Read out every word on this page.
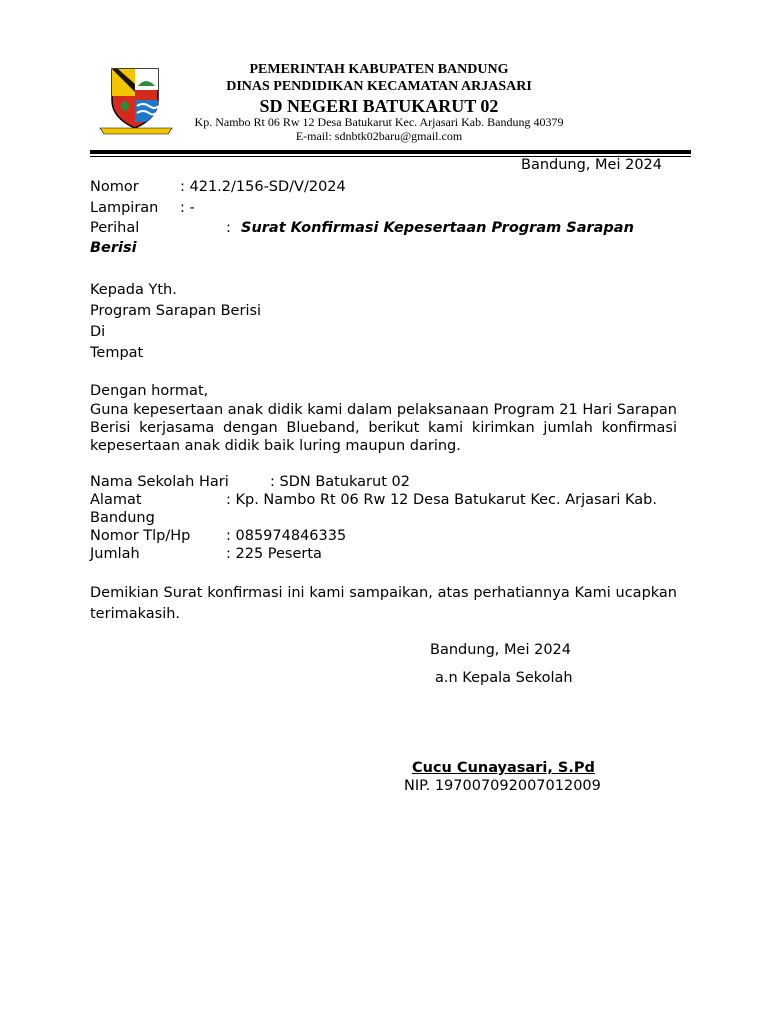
PEMERINTAH KABUPATEN BANDUNG
DINAS PENDIDIKAN KECAMATAN ARJASARI
SD NEGERI BATUKARUT 02
Kp. Nambo Rt 06 Rw 12 Desa Batukarut Kec. Arjasari Kab. Bandung 40379
E-mail: sdnbtk02baru@gmail.com
Bandung, Mei 2024
Nomor	: 421.2/156-SD/V/2024
Lampiran : -
Perihal	: Surat Konfirmasi Kepesertaan Program Sarapan
Berisi
Kepada Yth.
Program Sarapan Berisi
Di
Tempat
Dengan hormat,
Guna kepesertaan anak didik kami dalam pelaksanaan Program 21 Hari Sarapan Berisi kerjasama dengan Blueband, berikut kami kirimkan jumlah konfirmasi kepesertaan anak didik baik luring maupun daring.
Nama Sekolah Hari	: SDN Batukarut 02
Alamat	: Kp. Nambo Rt 06 Rw 12 Desa Batukarut Kec. Arjasari Kab.
Bandung
Nomor Tlp/Hp : 085974846335
Jumlah	: 225 Peserta
Demikian Surat konfirmasi ini kami sampaikan, atas perhatiannya Kami ucapkan terimakasih.
Bandung, Mei 2024
a.n Kepala Sekolah
Cucu Cunayasari, S.Pd
NIP. 197007092007012009
